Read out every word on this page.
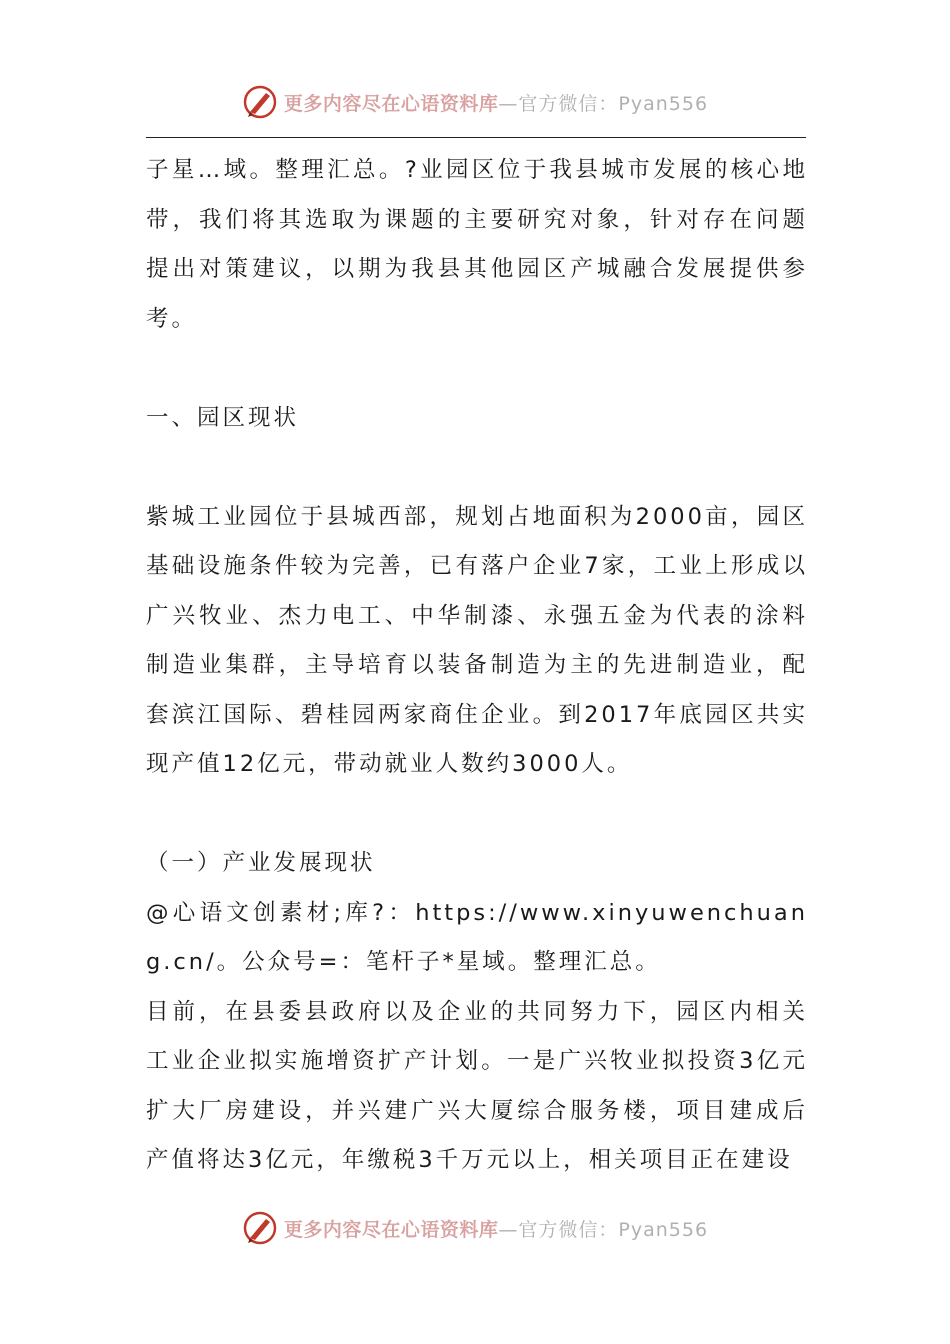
更多内容尽在心语资料库 —官方微信：Pyan556

子星…域。整理汇总。?业园区位于我县城市发展的核心地带，我们将其选取为课题的主要研究对象，针对存在问题提出对策建议，以期为我县其他园区产城融合发展提供参考。

一、园区现状

紫城工业园位于县城西部，规划占地面积为2000亩，园区基础设施条件较为完善，已有落户企业7家，工业上形成以广兴牧业、杰力电工、中华制漆、永强五金为代表的涂料制造业集群，主导培育以装备制造为主的先进制造业，配套滨江国际、碧桂园两家商住企业。到2017年底园区共实现产值12亿元，带动就业人数约3000人。

（一）产业发展现状

@心语文创素材;库?：https://www.xinyuwenchuang.cn/。公众号=：笔杆子*星域。整理汇总。

目前，在县委县政府以及企业的共同努力下，园区内相关工业企业拟实施增资扩产计划。一是广兴牧业拟投资3亿元扩大厂房建设，并兴建广兴大厦综合服务楼，项目建成后产值将达3亿元，年缴税3千万元以上，相关项目正在建设

更多内容尽在心语资料库 —官方微信：Pyan556
